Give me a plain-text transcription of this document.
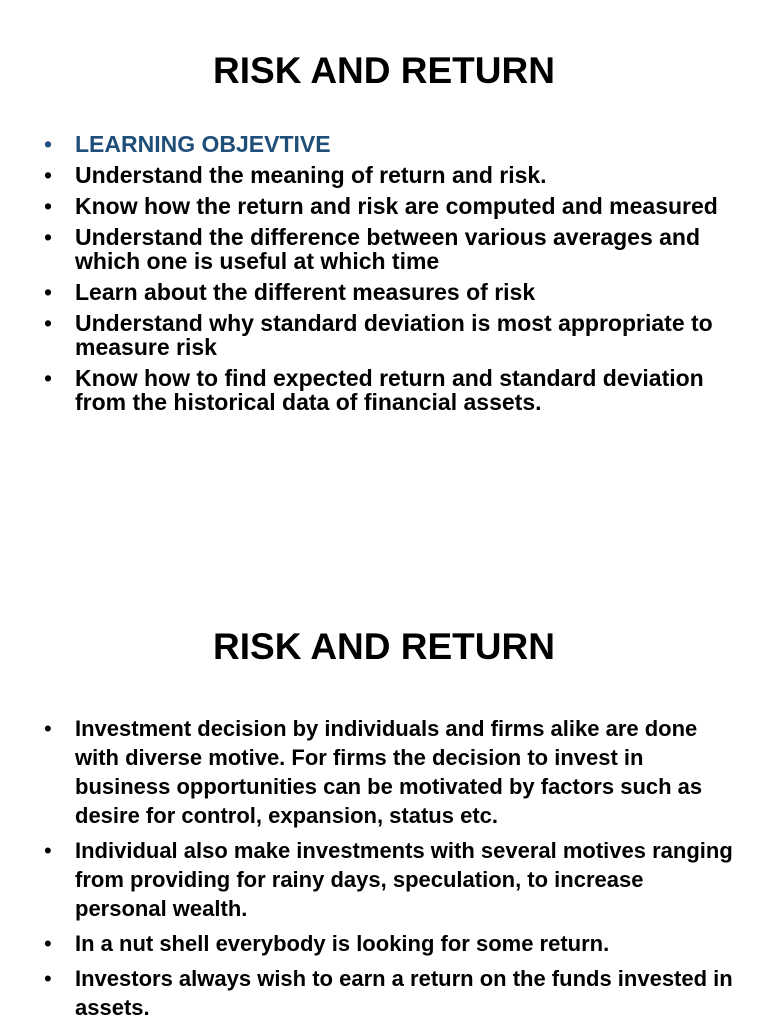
RISK AND RETURN
• LEARNING OBJEVTIVE
• Understand the meaning of return and risk.
• Know how the return and risk are computed and measured
• Understand the difference between various averages and which one is useful at which time
• Learn about the different measures of risk
• Understand why standard deviation is most appropriate to measure risk
• Know how to find expected return and standard deviation from the historical data of financial assets.
RISK AND RETURN
• Investment decision by individuals and firms alike are done with diverse motive. For firms the decision to invest in business opportunities can be motivated by factors such as desire for control, expansion, status etc.
• Individual also make investments with several motives ranging from providing for rainy days, speculation, to increase personal wealth.
• In a nut shell everybody is looking for some return.
• Investors always wish to earn a return on the funds invested in assets.
